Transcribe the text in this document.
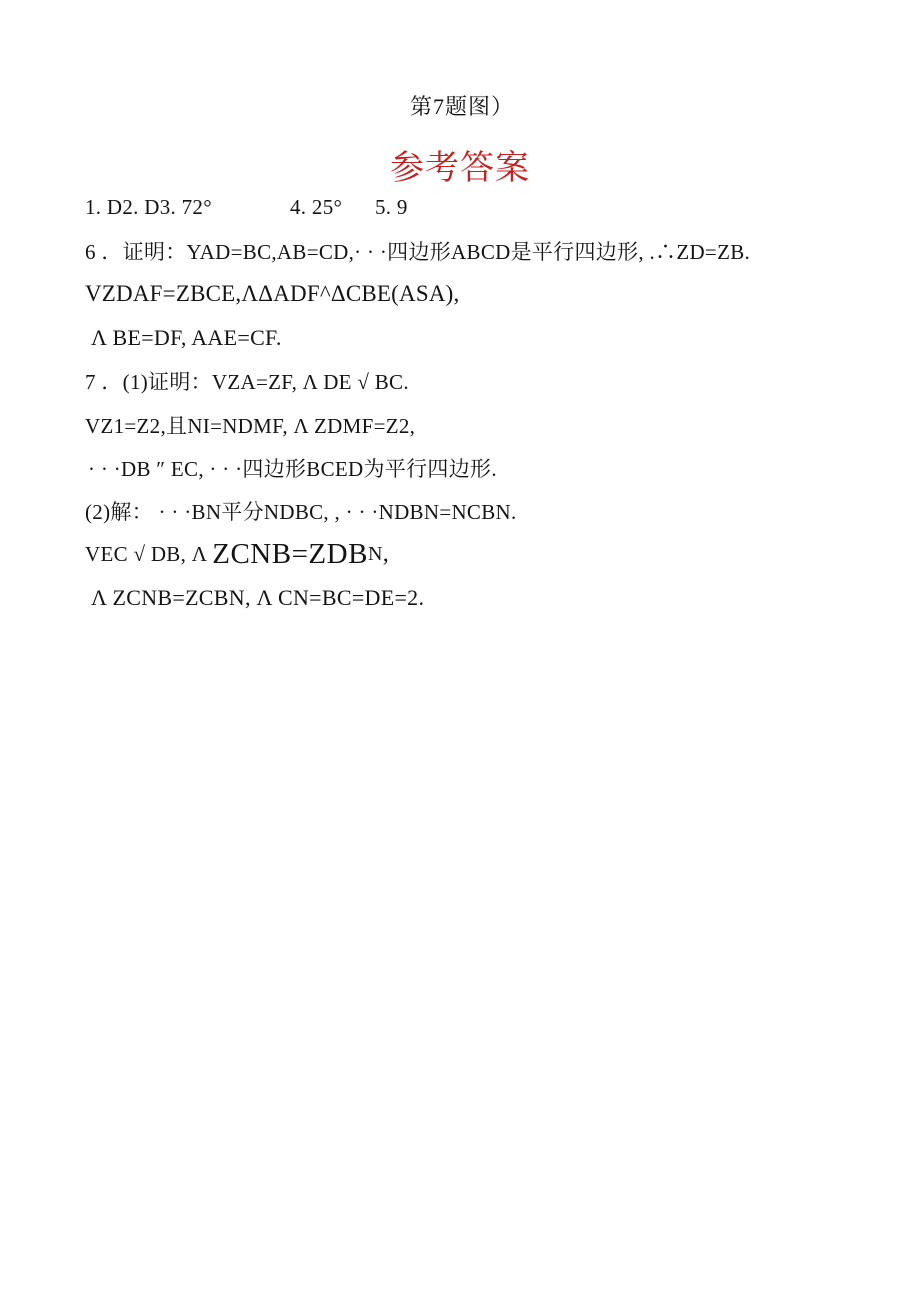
第7题图）
参考答案
1. D2. D3. 72°	4. 25° 5. 9
6 ．证明：YAD=BC,AB=CD,· · ·四边形ABCD是平行四边形, .∴ZD=ZB.
VZDAF=ZBCE,ΛΔADF^ΔCBE(ASA),
Λ BE=DF, AAE=CF.
7 ．(1)证明：VZA=ZF, Λ DE √ BC.
VZ1=Z2,且NI=NDMF, Λ ZDMF=Z2,
· · ·DB ″ EC, · · ·四边形BCED为平行四边形.
(2)解： · · ·BN平分NDBC, , · · ·NDBN=NCBN.
VEC √ DB, Λ ZCNB=ZDB N ,
Λ ZCNB=ZCBN, Λ CN=BC=DE=2.
